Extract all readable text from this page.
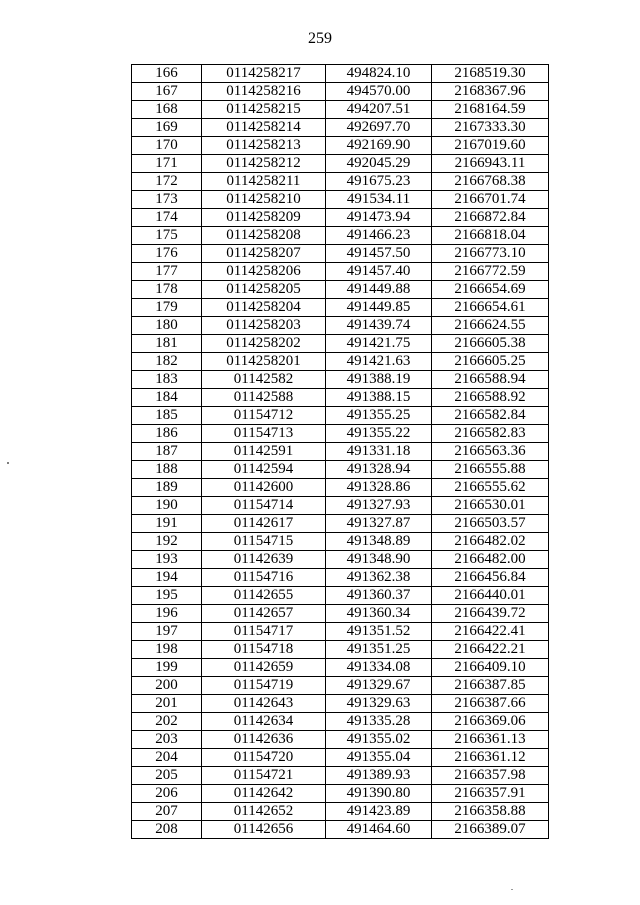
259
166	0114258217	494824.10	2168519.30
167	0114258216	494570.00	2168367.96
168	0114258215	494207.51	2168164.59
169	0114258214	492697.70	2167333.30
170	0114258213	492169.90	2167019.60
171	0114258212	492045.29	2166943.11
172	0114258211	491675.23	2166768.38
173	0114258210	491534.11	2166701.74
174	0114258209	491473.94	2166872.84
175	0114258208	491466.23	2166818.04
176	0114258207	491457.50	2166773.10
177	0114258206	491457.40	2166772.59
178	0114258205	491449.88	2166654.69
179	0114258204	491449.85	2166654.61
180	0114258203	491439.74	2166624.55
181	0114258202	491421.75	2166605.38
182	0114258201	491421.63	2166605.25
183	01142582	491388.19	2166588.94
184	01142588	491388.15	2166588.92
185	01154712	491355.25	2166582.84
186	01154713	491355.22	2166582.83
187	01142591	491331.18	2166563.36
188	01142594	491328.94	2166555.88
189	01142600	491328.86	2166555.62
190	01154714	491327.93	2166530.01
191	01142617	491327.87	2166503.57
192	01154715	491348.89	2166482.02
193	01142639	491348.90	2166482.00
194	01154716	491362.38	2166456.84
195	01142655	491360.37	2166440.01
196	01142657	491360.34	2166439.72
197	01154717	491351.52	2166422.41
198	01154718	491351.25	2166422.21
199	01142659	491334.08	2166409.10
200	01154719	491329.67	2166387.85
201	01142643	491329.63	2166387.66
202	01142634	491335.28	2166369.06
203	01142636	491355.02	2166361.13
204	01154720	491355.04	2166361.12
205	01154721	491389.93	2166357.98
206	01142642	491390.80	2166357.91
207	01142652	491423.89	2166358.88
208	01142656	491464.60	2166389.07
